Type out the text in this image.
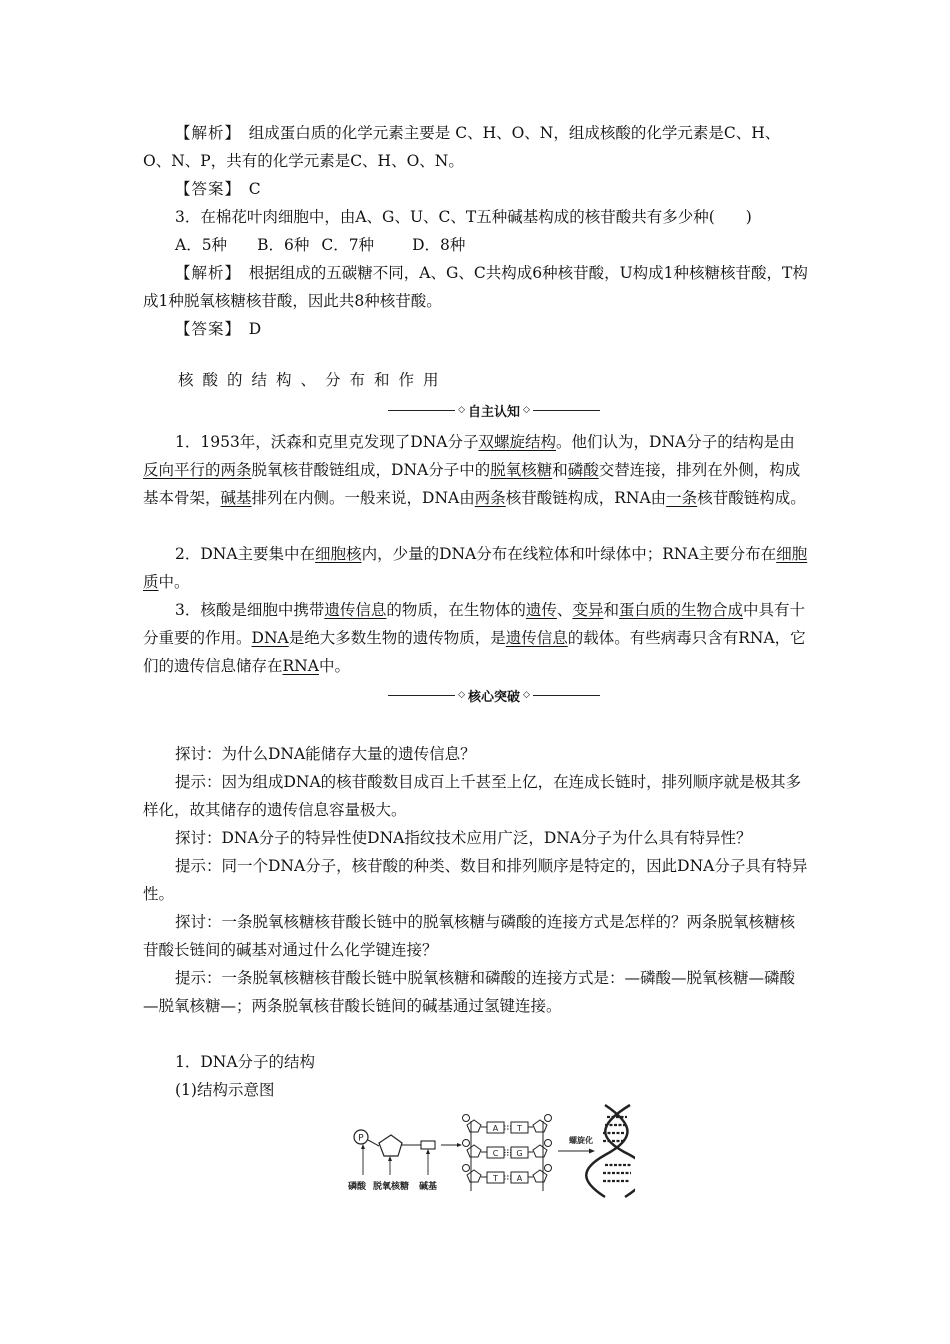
【解析】　 组成蛋白质的化学元素主要是 C、H、O、N，组成核酸的化学元素是C、H、O、N、P，共有的化学元素是C、H、O、N。

【答案】　 C

3．在棉花叶肉细胞中，由A、G、U、C、T五种碱基构成的核苷酸共有多少种(　　)

A．5种 B．6种 C．7种 D．8种

【解析】　 根据组成的五碳糖不同，A、G、C共构成6种核苷酸，U构成1种核糖核苷酸，T构成1种脱氧核糖核苷酸，因此共8种核苷酸。

【答案】　 D

核酸的结构、分布和作用
◇ 自主认知 ◇

1．1953年，沃森和克里克发现了DNA分子双螺旋结构。他们认为，DNA分子的结构是由反向平行的两条脱氧核苷酸链组成，DNA分子中的脱氧核糖和磷酸交替连接，排列在外侧，构成基本骨架，碱基排列在内侧。一般来说，DNA由两条核苷酸链构成，RNA由一条核苷酸链构成。

2．DNA主要集中在细胞核内，少量的DNA分布在线粒体和叶绿体中；RNA主要分布在细胞质中。

3．核酸是细胞中携带遗传信息的物质，在生物体的遗传、变异和蛋白质的生物合成中具有十分重要的作用。DNA是绝大多数生物的遗传物质，是遗传信息的载体。有些病毒只含有RNA，它们的遗传信息储存在RNA中。

◇ 核心突破 ◇

探讨：为什么DNA能储存大量的遗传信息？

提示：因为组成DNA的核苷酸数目成百上千甚至上亿，在连成长链时，排列顺序就是极其多样化，故其储存的遗传信息容量极大。

探讨：DNA分子的特异性使DNA指纹技术应用广泛，DNA分子为什么具有特异性？

提示：同一个DNA分子，核苷酸的种类、数目和排列顺序是特定的，因此DNA分子具有特异性。

探讨：一条脱氧核糖核苷酸长链中的脱氧核糖与磷酸的连接方式是怎样的？两条脱氧核糖核苷酸长链间的碱基对通过什么化学键连接？

提示：一条脱氧核糖核苷酸长链中脱氧核糖和磷酸的连接方式是：—磷酸—脱氧核糖—磷酸—脱氧核糖—；两条脱氧核苷酸长链间的碱基通过氢键连接。

1．DNA分子的结构

(1)结构示意图

P
磷酸 脱氧核糖 碱基
A T
C G
T A
螺旋化
